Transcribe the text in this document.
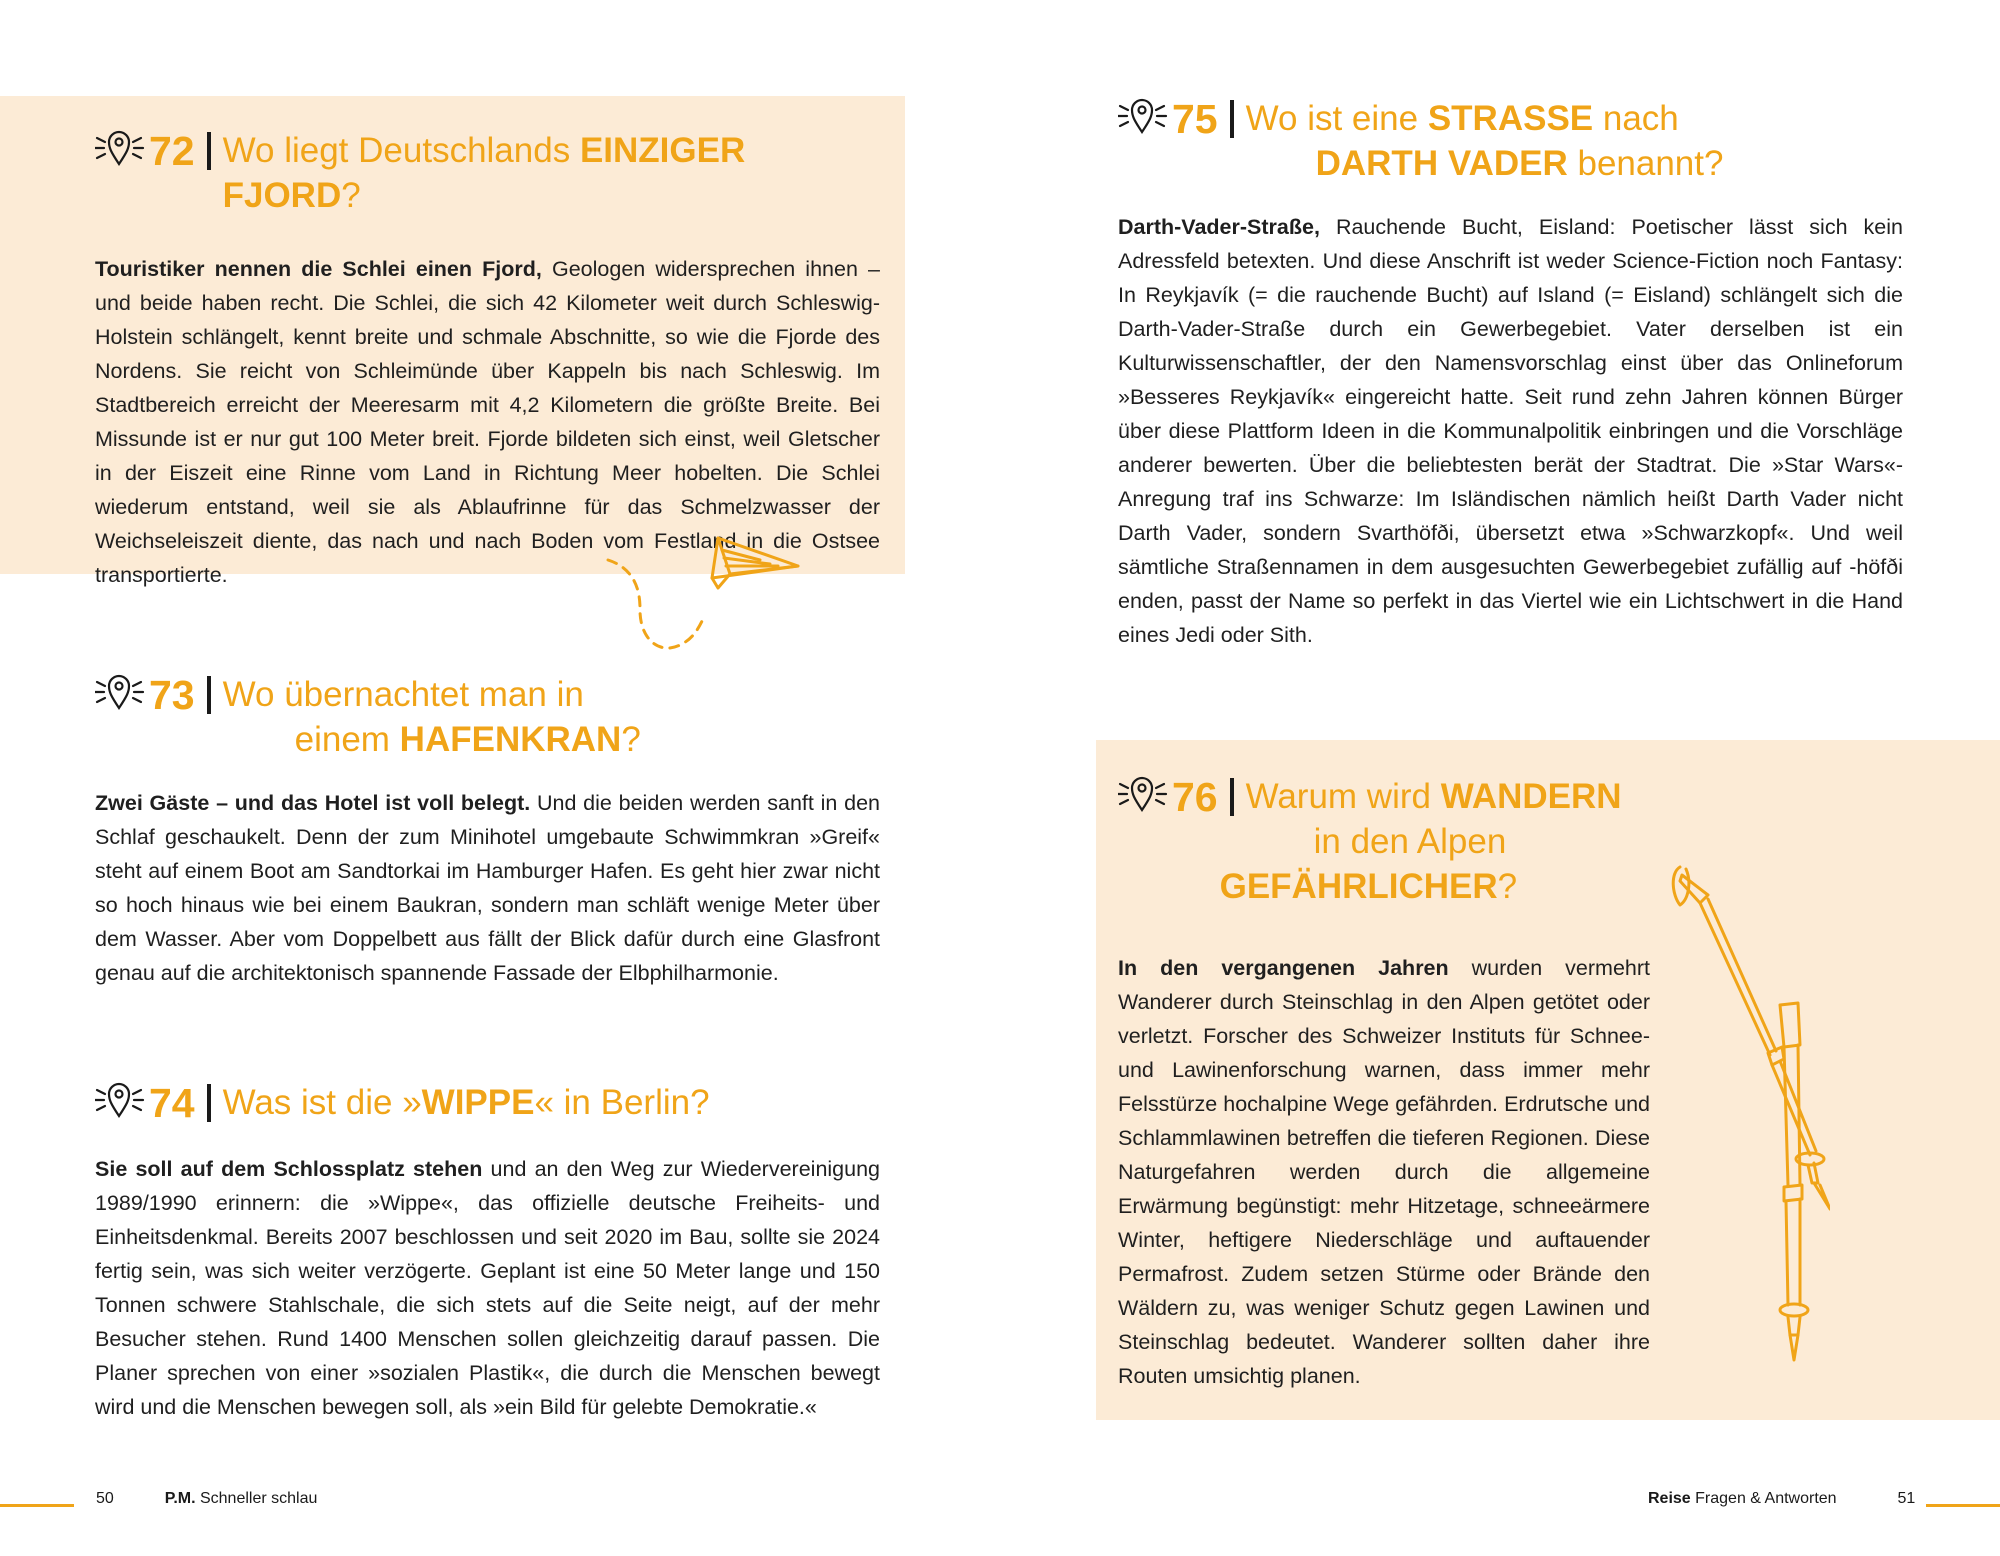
72 Wo liegt Deutschlands EINZIGER FJORD?
Touristiker nennen die Schlei einen Fjord, Geologen widersprechen ihnen – und beide haben recht. Die Schlei, die sich 42 Kilometer weit durch Schleswig-Holstein schlängelt, kennt breite und schmale Abschnitte, so wie die Fjorde des Nordens. Sie reicht von Schleimünde über Kappeln bis nach Schleswig. Im Stadtbereich erreicht der Meeresarm mit 4,2 Kilometern die größte Breite. Bei Missunde ist er nur gut 100 Meter breit. Fjorde bildeten sich einst, weil Gletscher in der Eiszeit eine Rinne vom Land in Richtung Meer hobelten. Die Schlei wiederum entstand, weil sie als Ablaufrinne für das Schmelzwasser der Weichseleiszeit diente, das nach und nach Boden vom Festland in die Ostsee transportierte.
73 Wo übernachtet man in
einem HAFENKRAN?
Zwei Gäste – und das Hotel ist voll belegt. Und die beiden werden sanft in den Schlaf geschaukelt. Denn der zum Minihotel umgebaute Schwimmkran »Greif« steht auf einem Boot am Sandtorkai im Hamburger Hafen. Es geht hier zwar nicht so hoch hinaus wie bei einem Baukran, sondern man schläft wenige Meter über dem Wasser. Aber vom Doppelbett aus fällt der Blick dafür durch eine Glasfront genau auf die architektonisch spannende Fassade der Elbphilharmonie.
74 Was ist die »WIPPE« in Berlin?
Sie soll auf dem Schlossplatz stehen und an den Weg zur Wiedervereinigung 1989/1990 erinnern: die »Wippe«, das offizielle deutsche Freiheits- und Einheitsdenkmal. Bereits 2007 beschlossen und seit 2020 im Bau, sollte sie 2024 fertig sein, was sich weiter verzögerte. Geplant ist eine 50 Meter lange und 150 Tonnen schwere Stahlschale, die sich stets auf die Seite neigt, auf der mehr Besucher stehen. Rund 1400 Menschen sollen gleichzeitig darauf passen. Die Planer sprechen von einer »sozialen Plastik«, die durch die Menschen bewegt wird und die Menschen bewegen soll, als »ein Bild für gelebte Demokratie.«
50	P.M. Schneller schlau
75 Wo ist eine STRASSE nach
DARTH VADER benannt?
Darth-Vader-Straße, Rauchende Bucht, Eisland: Poetischer lässt sich kein Adressfeld betexten. Und diese Anschrift ist weder Science-Fiction noch Fantasy: In Reykjavík (= die rauchende Bucht) auf Island (= Eisland) schlängelt sich die Darth-Vader-Straße durch ein Gewerbegebiet. Vater derselben ist ein Kulturwissenschaftler, der den Namensvorschlag einst über das Onlineforum »Besseres Reykjavík« eingereicht hatte. Seit rund zehn Jahren können Bürger über diese Plattform Ideen in die Kommunalpolitik einbringen und die Vorschläge anderer bewerten. Über die beliebtesten berät der Stadtrat. Die »Star Wars«-Anregung traf ins Schwarze: Im Isländischen nämlich heißt Darth Vader nicht Darth Vader, sondern Svarthöfði, übersetzt etwa »Schwarzkopf«. Und weil sämtliche Straßennamen in dem ausgesuchten Gewerbegebiet zufällig auf -höfði enden, passt der Name so perfekt in das Viertel wie ein Lichtschwert in die Hand eines Jedi oder Sith.
76 Warum wird WANDERN
in den Alpen
GEFÄHRLICHER?
In den vergangenen Jahren wurden vermehrt Wanderer durch Steinschlag in den Alpen getötet oder verletzt. Forscher des Schweizer Instituts für Schnee- und Lawinenforschung warnen, dass immer mehr Felsstürze hochalpine Wege gefährden. Erdrutsche und Schlammlawinen betreffen die tieferen Regionen. Diese Naturgefahren werden durch die allgemeine Erwärmung begünstigt: mehr Hitzetage, schneeärmere Winter, heftigere Niederschläge und auftauender Permafrost. Zudem setzen Stürme oder Brände den Wäldern zu, was weniger Schutz gegen Lawinen und Steinschlag bedeutet. Wanderer sollten daher ihre Routen umsichtig planen.
Reise Fragen & Antworten	51
